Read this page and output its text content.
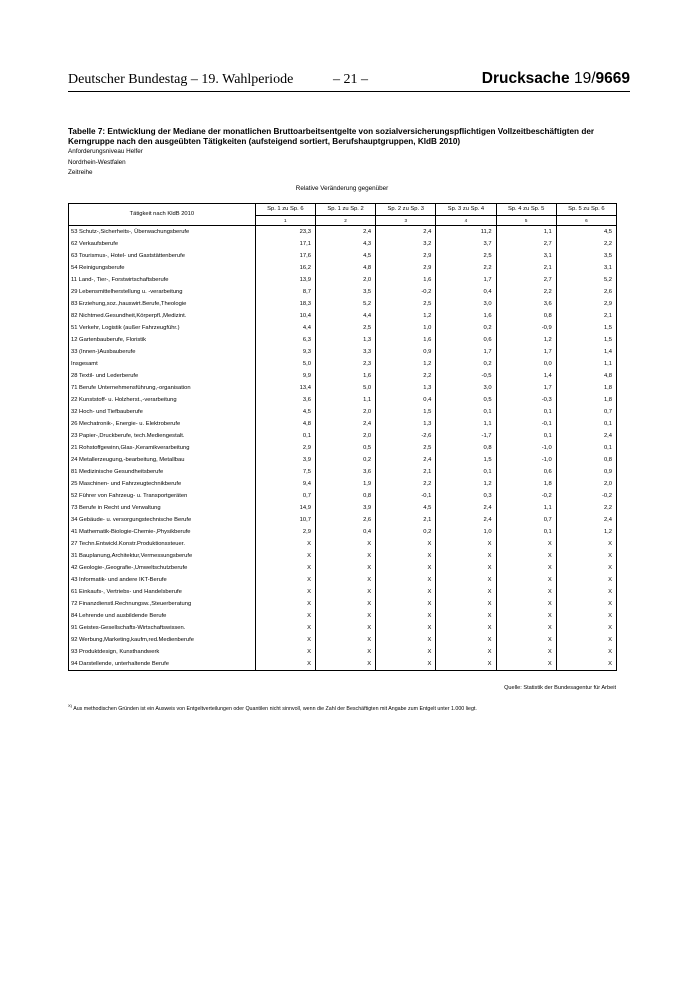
Deutscher Bundestag – 19. Wahlperiode	– 21 –	Drucksache 19/9669
Tabelle 7: Entwicklung der Mediane der monatlichen Bruttoarbeitsentgelte von sozialversicherungspflichtigen Vollzeitbeschäftigten der Kerngruppe nach den ausgeübten Tätigkeiten (aufsteigend sortiert, Berufshauptgruppen, KldB 2010)
Anforderungsniveau Helfer
Nordrhein-Westfalen
Zeitreihe
Relative Veränderung gegenüber
Tätigkeit nach KldB 2010	Sp. 1 zu Sp. 6	Sp. 1 zu Sp. 2	Sp. 2 zu Sp. 3	Sp. 3 zu Sp. 4	Sp. 4 zu Sp. 5	Sp. 5 zu Sp. 6
	1	2	3	4	5	6
53 Schutz-,Sicherheits-, Überwachungsberufe	23,3	2,4	2,4	11,2	1,1	4,5
62 Verkaufsberufe	17,1	4,3	3,2	3,7	2,7	2,2
63 Tourismus-, Hotel- und Gaststättenberufe	17,6	4,5	2,9	2,5	3,1	3,5
54 Reinigungsberufe	16,2	4,8	2,9	2,2	2,1	3,1
11 Land-, Tier-, Forstwirtschaftsberufe	13,9	2,0	1,6	1,7	2,7	5,2
29 Lebensmittelherstellung u. -verarbeitung	8,7	3,5	-0,2	0,4	2,2	2,6
83 Erziehung,soz.,hauswirt.Berufe,Theologie	18,3	5,2	2,5	3,0	3,6	2,9
82 Nichtmed.Gesundheit,Körperpfl.,Medizint.	10,4	4,4	1,2	1,6	0,8	2,1
51 Verkehr, Logistik (außer Fahrzeugführ.)	4,4	2,5	1,0	0,2	-0,9	1,5
12 Gartenbauberufe, Floristik	6,3	1,3	1,6	0,6	1,2	1,5
33 (Innen-)Ausbauberufe	9,3	3,3	0,9	1,7	1,7	1,4
Insgesamt	5,0	2,3	1,2	0,2	0,0	1,1
28 Textil- und Lederberufe	9,9	1,6	2,2	-0,5	1,4	4,8
71 Berufe Unternehmensführung,-organisation	13,4	5,0	1,3	3,0	1,7	1,8
22 Kunststoff- u. Holzherst.,-verarbeitung	3,6	1,1	0,4	0,5	-0,3	1,8
32 Hoch- und Tiefbauberufe	4,5	2,0	1,5	0,1	0,1	0,7
26 Mechatronik-, Energie- u. Elektroberufe	4,8	2,4	1,3	1,1	-0,1	0,1
23 Papier-,Druckberufe, tech.Mediengestalt.	0,1	2,0	-2,6	-1,7	0,1	2,4
21 Rohstoffgewinn,Glas-,Keramikverarbeitung	2,9	0,5	2,5	0,8	-1,0	0,1
24 Metallerzeugung,-bearbeitung, Metallbau	3,9	0,2	2,4	1,5	-1,0	0,8
81 Medizinische Gesundheitsberufe	7,5	3,6	2,1	0,1	0,6	0,9
25 Maschinen- und Fahrzeugtechnikberufe	9,4	1,9	2,2	1,2	1,8	2,0
52 Führer von Fahrzeug- u. Transportgeräten	0,7	0,8	-0,1	0,3	-0,2	-0,2
73 Berufe in Recht und Verwaltung	14,9	3,9	4,5	2,4	1,1	2,2
34 Gebäude- u. versorgungstechnische Berufe	10,7	2,6	2,1	2,4	0,7	2,4
41 Mathematik-Biologie-Chemie-,Physikberufe	2,9	0,4	0,2	1,0	0,1	1,2
27 Techn.Entwickl.Konstr.Produktionssteuer.	X	X	X	X	X	X
31 Bauplanung,Architektur,Vermessungsberufe	X	X	X	X	X	X
42 Geologie-,Geografie-,Umweltschutzberufe	X	X	X	X	X	X
43 Informatik- und andere IKT-Berufe	X	X	X	X	X	X
61 Einkaufs-, Vertriebs- und Handelsberufe	X	X	X	X	X	X
72 Finanzdienstl.Rechnungsw.,Steuerberatung	X	X	X	X	X	X
84 Lehrende und ausbildende Berufe	X	X	X	X	X	X
91 Geistes-Gesellschafts-Wirtschaftswissen.	X	X	X	X	X	X
92 Werbung,Marketing,kaufm,red.Medienberufe	X	X	X	X	X	X
93 Produktdesign, Kunsthandwerk	X	X	X	X	X	X
94 Darstellende, unterhaltende Berufe	X	X	X	X	X	X
Quelle: Statistik der Bundesagentur für Arbeit
$^{X)}$ Aus methodischen Gründen ist ein Ausweis von Entgeltverteilungen oder Quantilen nicht sinnvoll, wenn die Zahl der Beschäftigten mit Angabe zum Entgelt unter 1.000 liegt.
